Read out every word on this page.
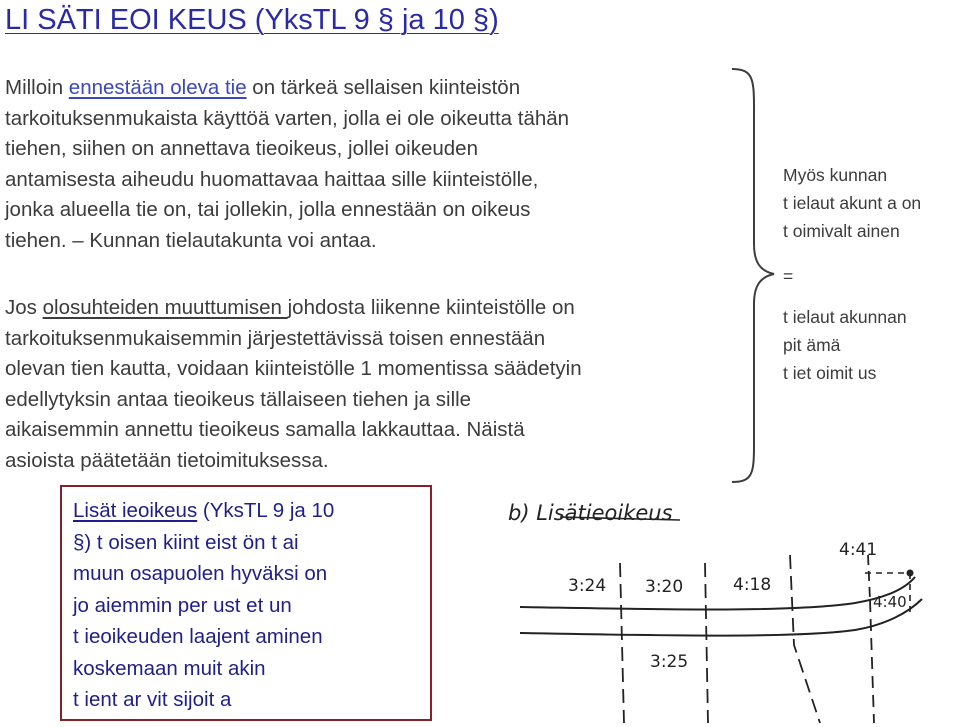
LI SÄTI EOI KEUS (YksTL 9 § ja 10 §)

Milloin ennestään oleva tie on tärkeä sellaisen kiinteistön
tarkoituksenmukaista käyttöä varten, jolla ei ole oikeutta tähän
tiehen, siihen on annettava tieoikeus, jollei oikeuden
antamisesta aiheudu huomattavaa haittaa sille kiinteistölle,
jonka alueella tie on, tai jollekin, jolla ennestään on oikeus
tiehen. – Kunnan tielautakunta voi antaa.

Jos olosuhteiden muuttumisen johdosta liikenne kiinteistölle on
tarkoituksenmukaisemmin järjestettävissä toisen ennestään
olevan tien kautta, voidaan kiinteistölle 1 momentissa säädetyin
edellytyksin antaa tieoikeus tällaiseen tiehen ja sille
aikaisemmin annettu tieoikeus samalla lakkauttaa. Näistä
asioista päätetään tietoimituksessa.

Myös kunnan
t ielaut akunt a on
t oimivalt ainen
=
t ielaut akunnan
pit ämä
t iet oimit us
Lisät ieoikeus (YksTL 9 ja 10
§) t oisen kiint eist ön t ai
muun osapuolen hyväksi on
jo aiemmin per ust et un
t ieoikeuden laajent aminen
koskemaan muit akin
t ient ar vit sijoit a
b) Lisätieoikeus
3:24 3:20	4:18
4:41
4:40
3:25
